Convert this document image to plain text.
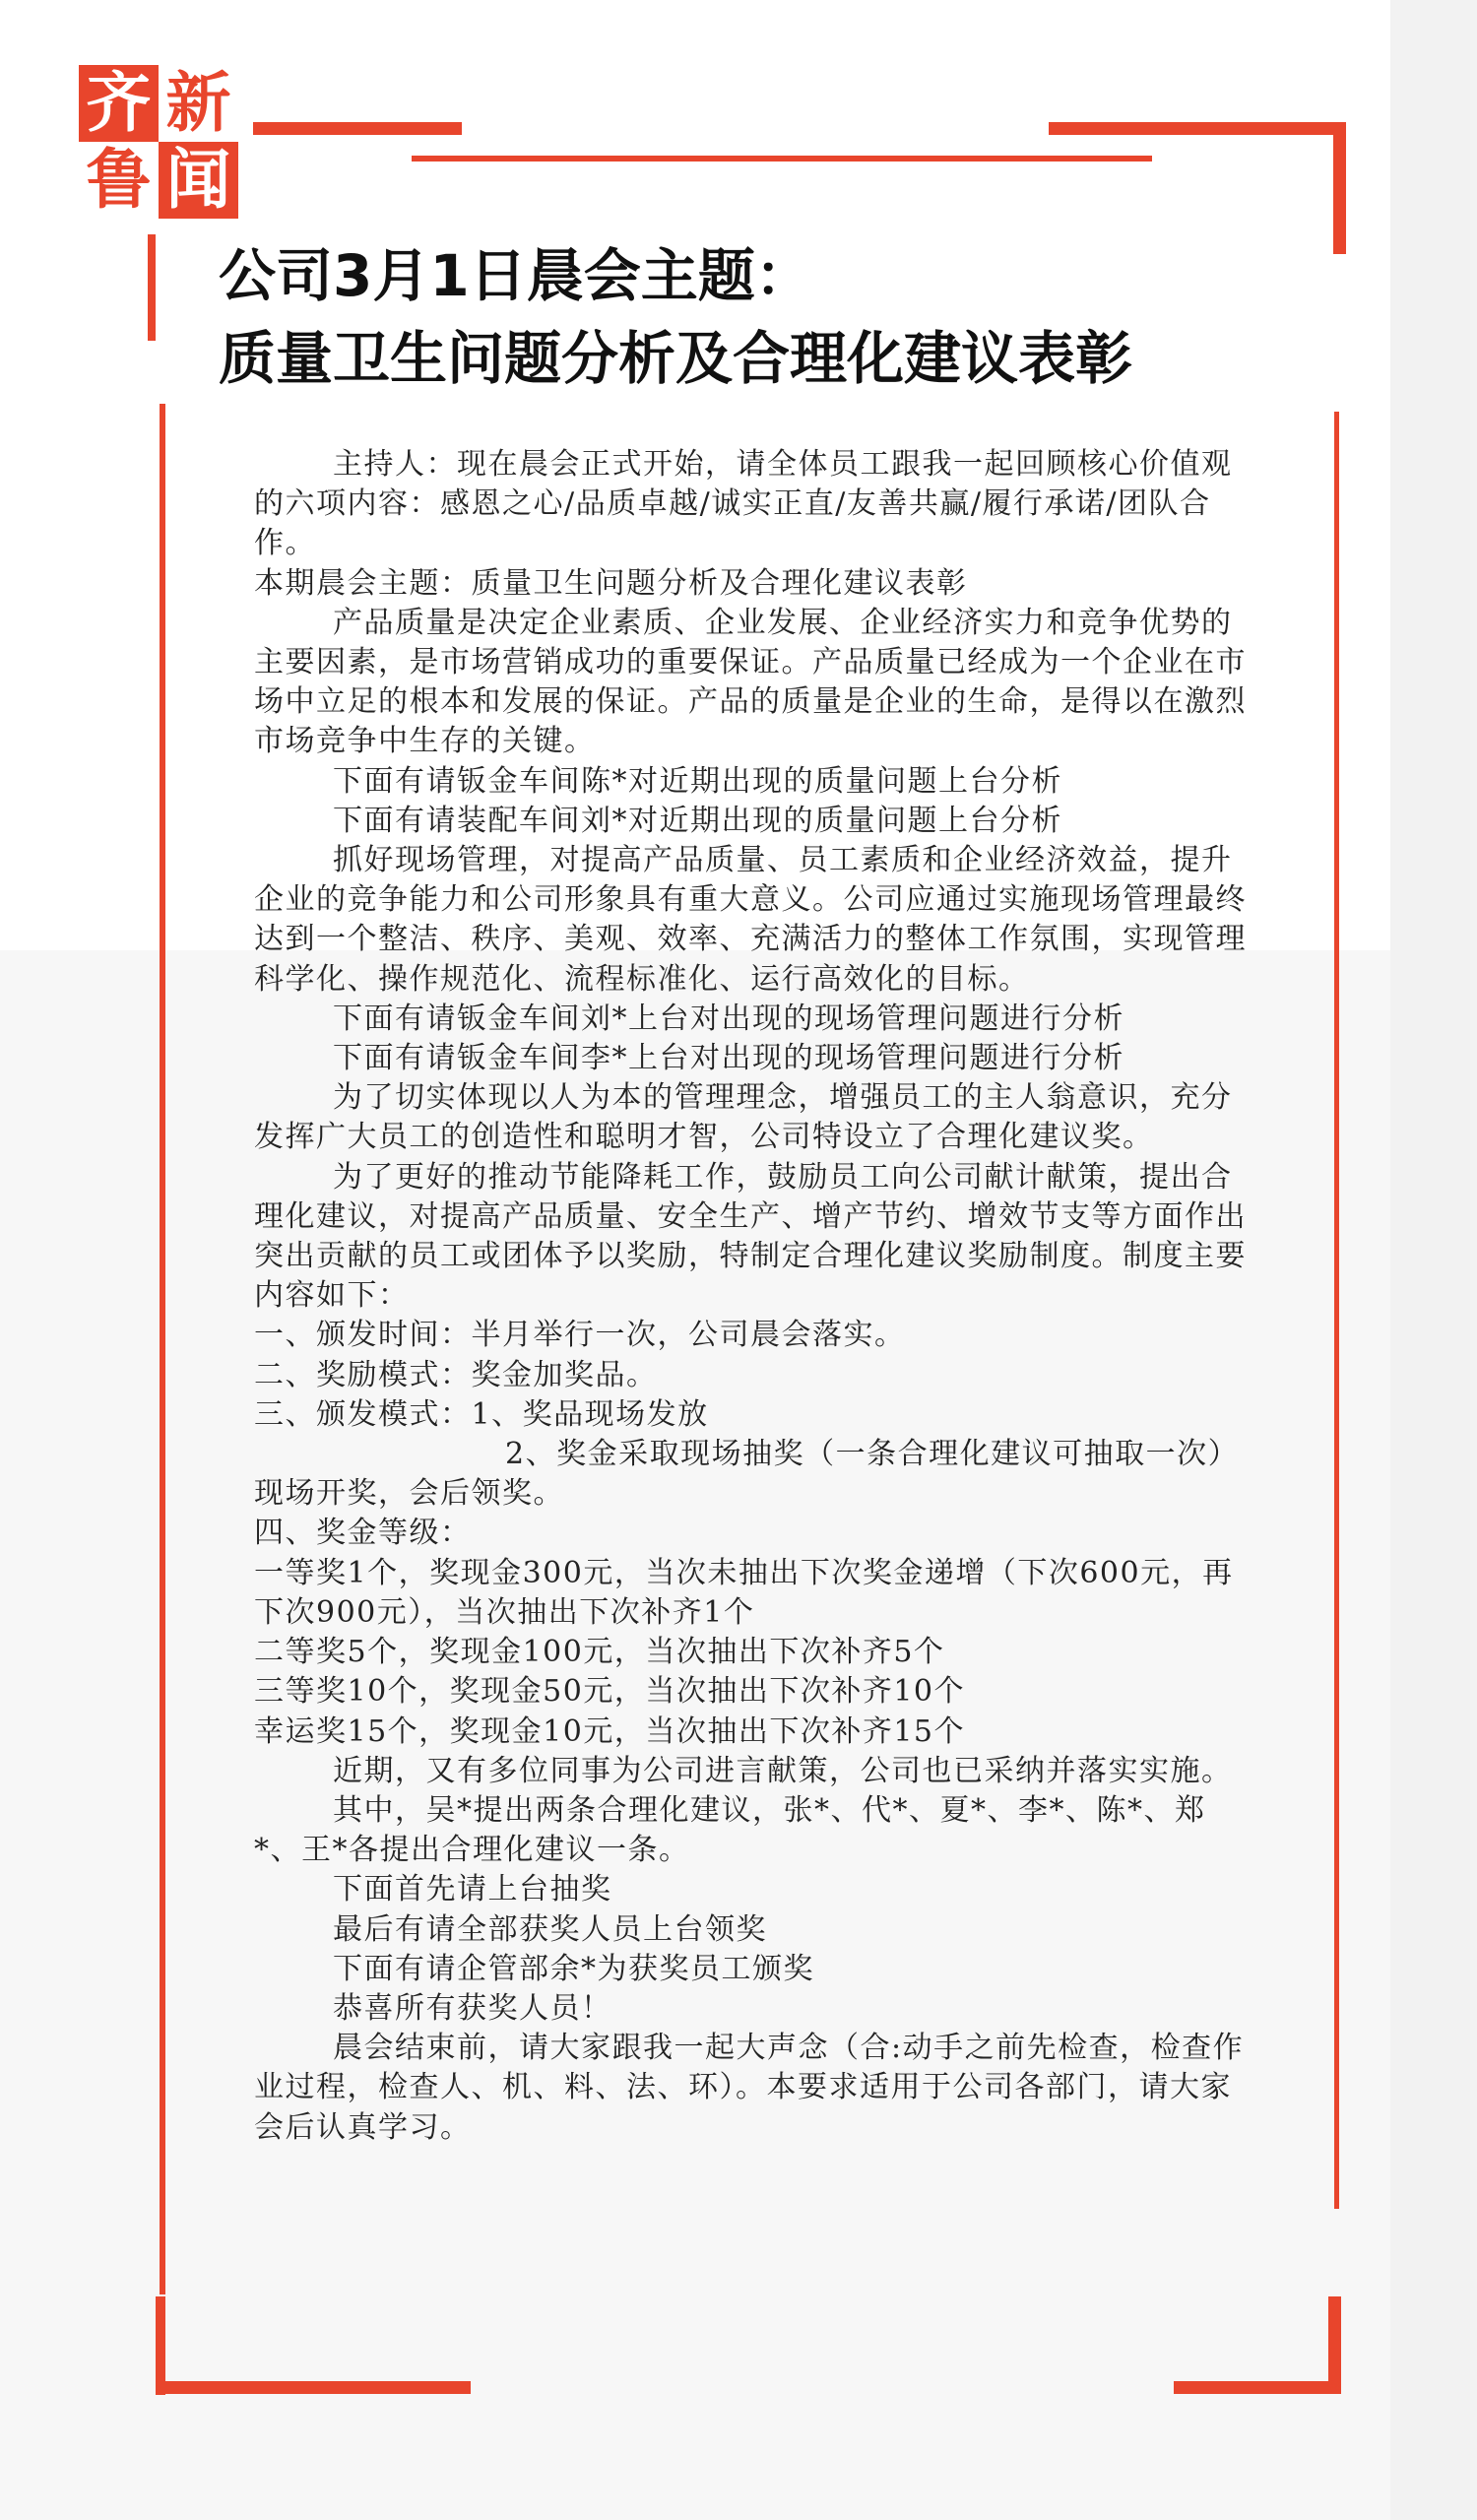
齐 新
鲁 闻
公司3月1日晨会主题：
质量卫生问题分析及合理化建议表彰

主持人：现在晨会正式开始，请全体员工跟我一起回顾核心价值观的六项内容：感恩之心/品质卓越/诚实正直/友善共赢/履行承诺/团队合作。

本期晨会主题：质量卫生问题分析及合理化建议表彰

产品质量是决定企业素质、企业发展、企业经济实力和竞争优势的主要因素，是市场营销成功的重要保证。产品质量已经成为一个企业在市场中立足的根本和发展的保证。产品的质量是企业的生命，是得以在激烈市场竞争中生存的关键。

下面有请钣金车间陈*对近期出现的质量问题上台分析

下面有请装配车间刘*对近期出现的质量问题上台分析

抓好现场管理，对提高产品质量、员工素质和企业经济效益，提升企业的竞争能力和公司形象具有重大意义。公司应通过实施现场管理最终达到一个整洁、秩序、美观、效率、充满活力的整体工作氛围，实现管理科学化、操作规范化、流程标准化、运行高效化的目标。

下面有请钣金车间刘*上台对出现的现场管理问题进行分析

下面有请钣金车间李*上台对出现的现场管理问题进行分析

为了切实体现以人为本的管理理念，增强员工的主人翁意识，充分发挥广大员工的创造性和聪明才智，公司特设立了合理化建议奖。

为了更好的推动节能降耗工作，鼓励员工向公司献计献策，提出合理化建议，对提高产品质量、安全生产、增产节约、增效节支等方面作出突出贡献的员工或团体予以奖励，特制定合理化建议奖励制度。制度主要内容如下：

一、颁发时间：半月举行一次，公司晨会落实。

二、奖励模式：奖金加奖品。

三、颁发模式：1、奖品现场发放

2、奖金采取现场抽奖（一条合理化建议可抽取一次）现场开奖，会后领奖。

四、奖金等级：

一等奖1个，奖现金300元，当次未抽出下次奖金递增（下次600元，再下次900元），当次抽出下次补齐1个

二等奖5个，奖现金100元，当次抽出下次补齐5个

三等奖10个，奖现金50元，当次抽出下次补齐10个

幸运奖15个，奖现金10元，当次抽出下次补齐15个

近期，又有多位同事为公司进言献策，公司也已采纳并落实实施。

其中，吴*提出两条合理化建议，张*、代*、夏*、李*、陈*、郑*、王*各提出合理化建议一条。

下面首先请上台抽奖

最后有请全部获奖人员上台领奖

下面有请企管部余*为获奖员工颁奖

恭喜所有获奖人员！

晨会结束前，请大家跟我一起大声念（合:动手之前先检查，检查作业过程，检查人、机、料、法、环）。本要求适用于公司各部门，请大家会后认真学习。
